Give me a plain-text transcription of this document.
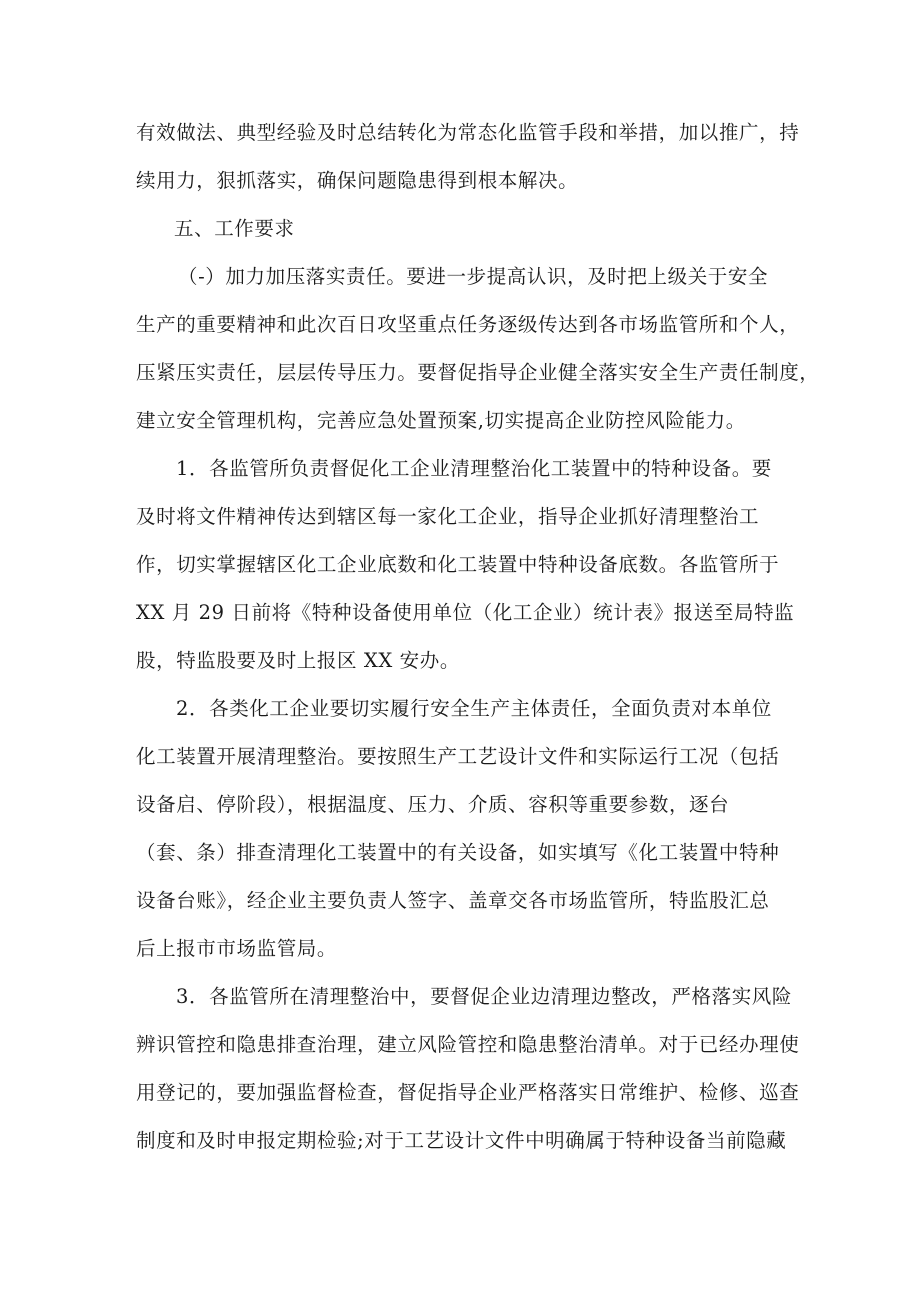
有效做法、典型经验及时总结转化为常态化监管手段和举措，加以推广，持
续用力，狠抓落实，确保问题隐患得到根本解决。
五、工作要求
（-）加力加压落实责任。要进一步提高认识，及时把上级关于安全
生产的重要精神和此次百日攻坚重点任务逐级传达到各市场监管所和个人，
压紧压实责任，层层传导压力。要督促指导企业健全落实安全生产责任制度，
建立安全管理机构，完善应急处置预案,切实提高企业防控风险能力。
1．各监管所负责督促化工企业清理整治化工装置中的特种设备。要
及时将文件精神传达到辖区每一家化工企业，指导企业抓好清理整治工
作，切实掌握辖区化工企业底数和化工装置中特种设备底数。各监管所于
XX 月 29 日前将《特种设备使用单位（化工企业）统计表》报送至局特监
股，特监股要及时上报区 XX 安办。
2．各类化工企业要切实履行安全生产主体责任，全面负责对本单位
化工装置开展清理整治。要按照生产工艺设计文件和实际运行工况（包括
设备启、停阶段），根据温度、压力、介质、容积等重要参数，逐台
（套、条）排查清理化工装置中的有关设备，如实填写《化工装置中特种
设备台账》，经企业主要负责人签字、盖章交各市场监管所，特监股汇总
后上报市市场监管局。
3．各监管所在清理整治中，要督促企业边清理边整改，严格落实风险
辨识管控和隐患排查治理，建立风险管控和隐患整治清单。对于已经办理使
用登记的，要加强监督检查，督促指导企业严格落实日常维护、检修、巡查
制度和及时申报定期检验;对于工艺设计文件中明确属于特种设备当前隐藏
